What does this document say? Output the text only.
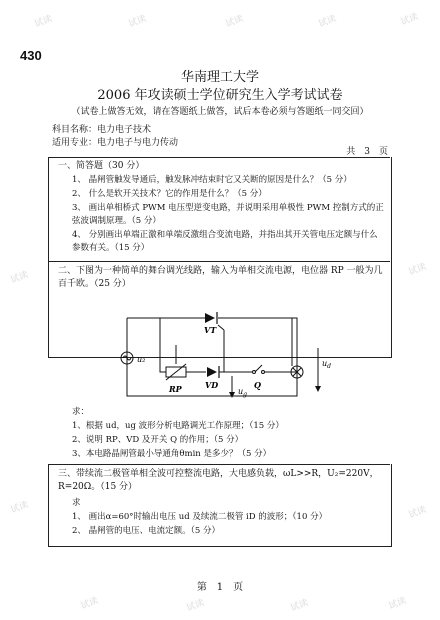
试读	试读	试读	试读	试读
试读
试读
试读	试读
试读	试读	试读	试读
430
华南理工大学
2006 年攻读硕士学位研究生入学考试试卷
（试卷上做答无效，请在答题纸上做答，试后本卷必须与答题纸一同交回）
科目名称：电力电子技术
适用专业：电力电子与电力传动
共　3　页
一、简答题（30 分）
1、 晶闸管触发导通后，触发脉冲结束时它又关断的原因是什么？（5 分）
2、 什么是软开关技术？它的作用是什么？（5 分）
3、 画出单相桥式 PWM 电压型逆变电路，并说明采用单极性 PWM 控制方式的正弦波调制原理。（5 分）
4、 分别画出单端正激和单端反激组合变流电路，并指出其开关管电压定额与什么参数有关。（15 分）
二、下图为一种简单的舞台调光线路，输入为单相交流电源，电位器 RP 一般为几百千欧。（25 分）
VT
VD
RP	Q
u₂
$u_g$
$u_d$
求：
1、根据 ud，ug 波形分析电路调光工作原理；（15 分）
2、说明 RP、VD 及开关 Q 的作用；（5 分）
3、本电路晶闸管最小导通角θmin 是多少？（5 分）
三、带续流二极管单相全波可控整流电路，大电感负载，ωL>>R，U₂=220V，R=20Ω。（15 分）
求
1、 画出α=60°时输出电压 ud 及续流二极管 iD 的波形；（10 分）
2、 晶闸管的电压、电流定额。（5 分）
第　1　页
